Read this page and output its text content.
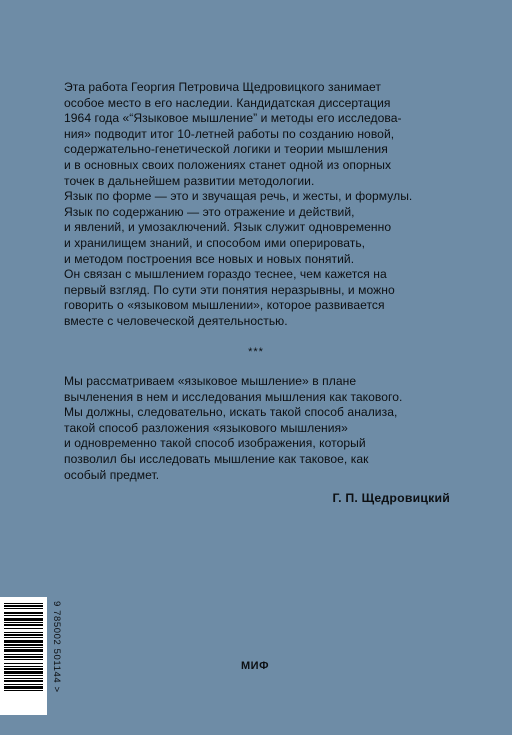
Эта работа Георгия Петровича Щедровицкого занимает
особое место в его наследии. Кандидатская диссертация
1964 года «“Языковое мышление” и методы его исследова-
ния» подводит итог 10-летней работы по созданию новой,
содержательно-генетической логики и теории мышления
и в основных своих положениях станет одной из опорных
точек в дальнейшем развитии методологии.
Язык по форме — это и звучащая речь, и жесты, и формулы.
Язык по содержанию — это отражение и действий,
и явлений, и умозаключений. Язык служит одновременно
и хранилищем знаний, и способом ими оперировать,
и методом построения все новых и новых понятий.
Он связан с мышлением гораздо теснее, чем кажется на
первый взгляд. По сути эти понятия неразрывны, и можно
говорить о «языковом мышлении», которое развивается
вместе с человеческой деятельностью.

***

Мы рассматриваем «языковое мышление» в плане
вычленения в нем и исследования мышления как такового.
Мы должны, следовательно, искать такой способ анализа,
такой способ разложения «языкового мышления»
и одновременно такой способ изображения, который
позволил бы исследовать мышление как таковое, как
особый предмет.

Г. П. Щедровицкий
9 785002 501144 >	МИФ
